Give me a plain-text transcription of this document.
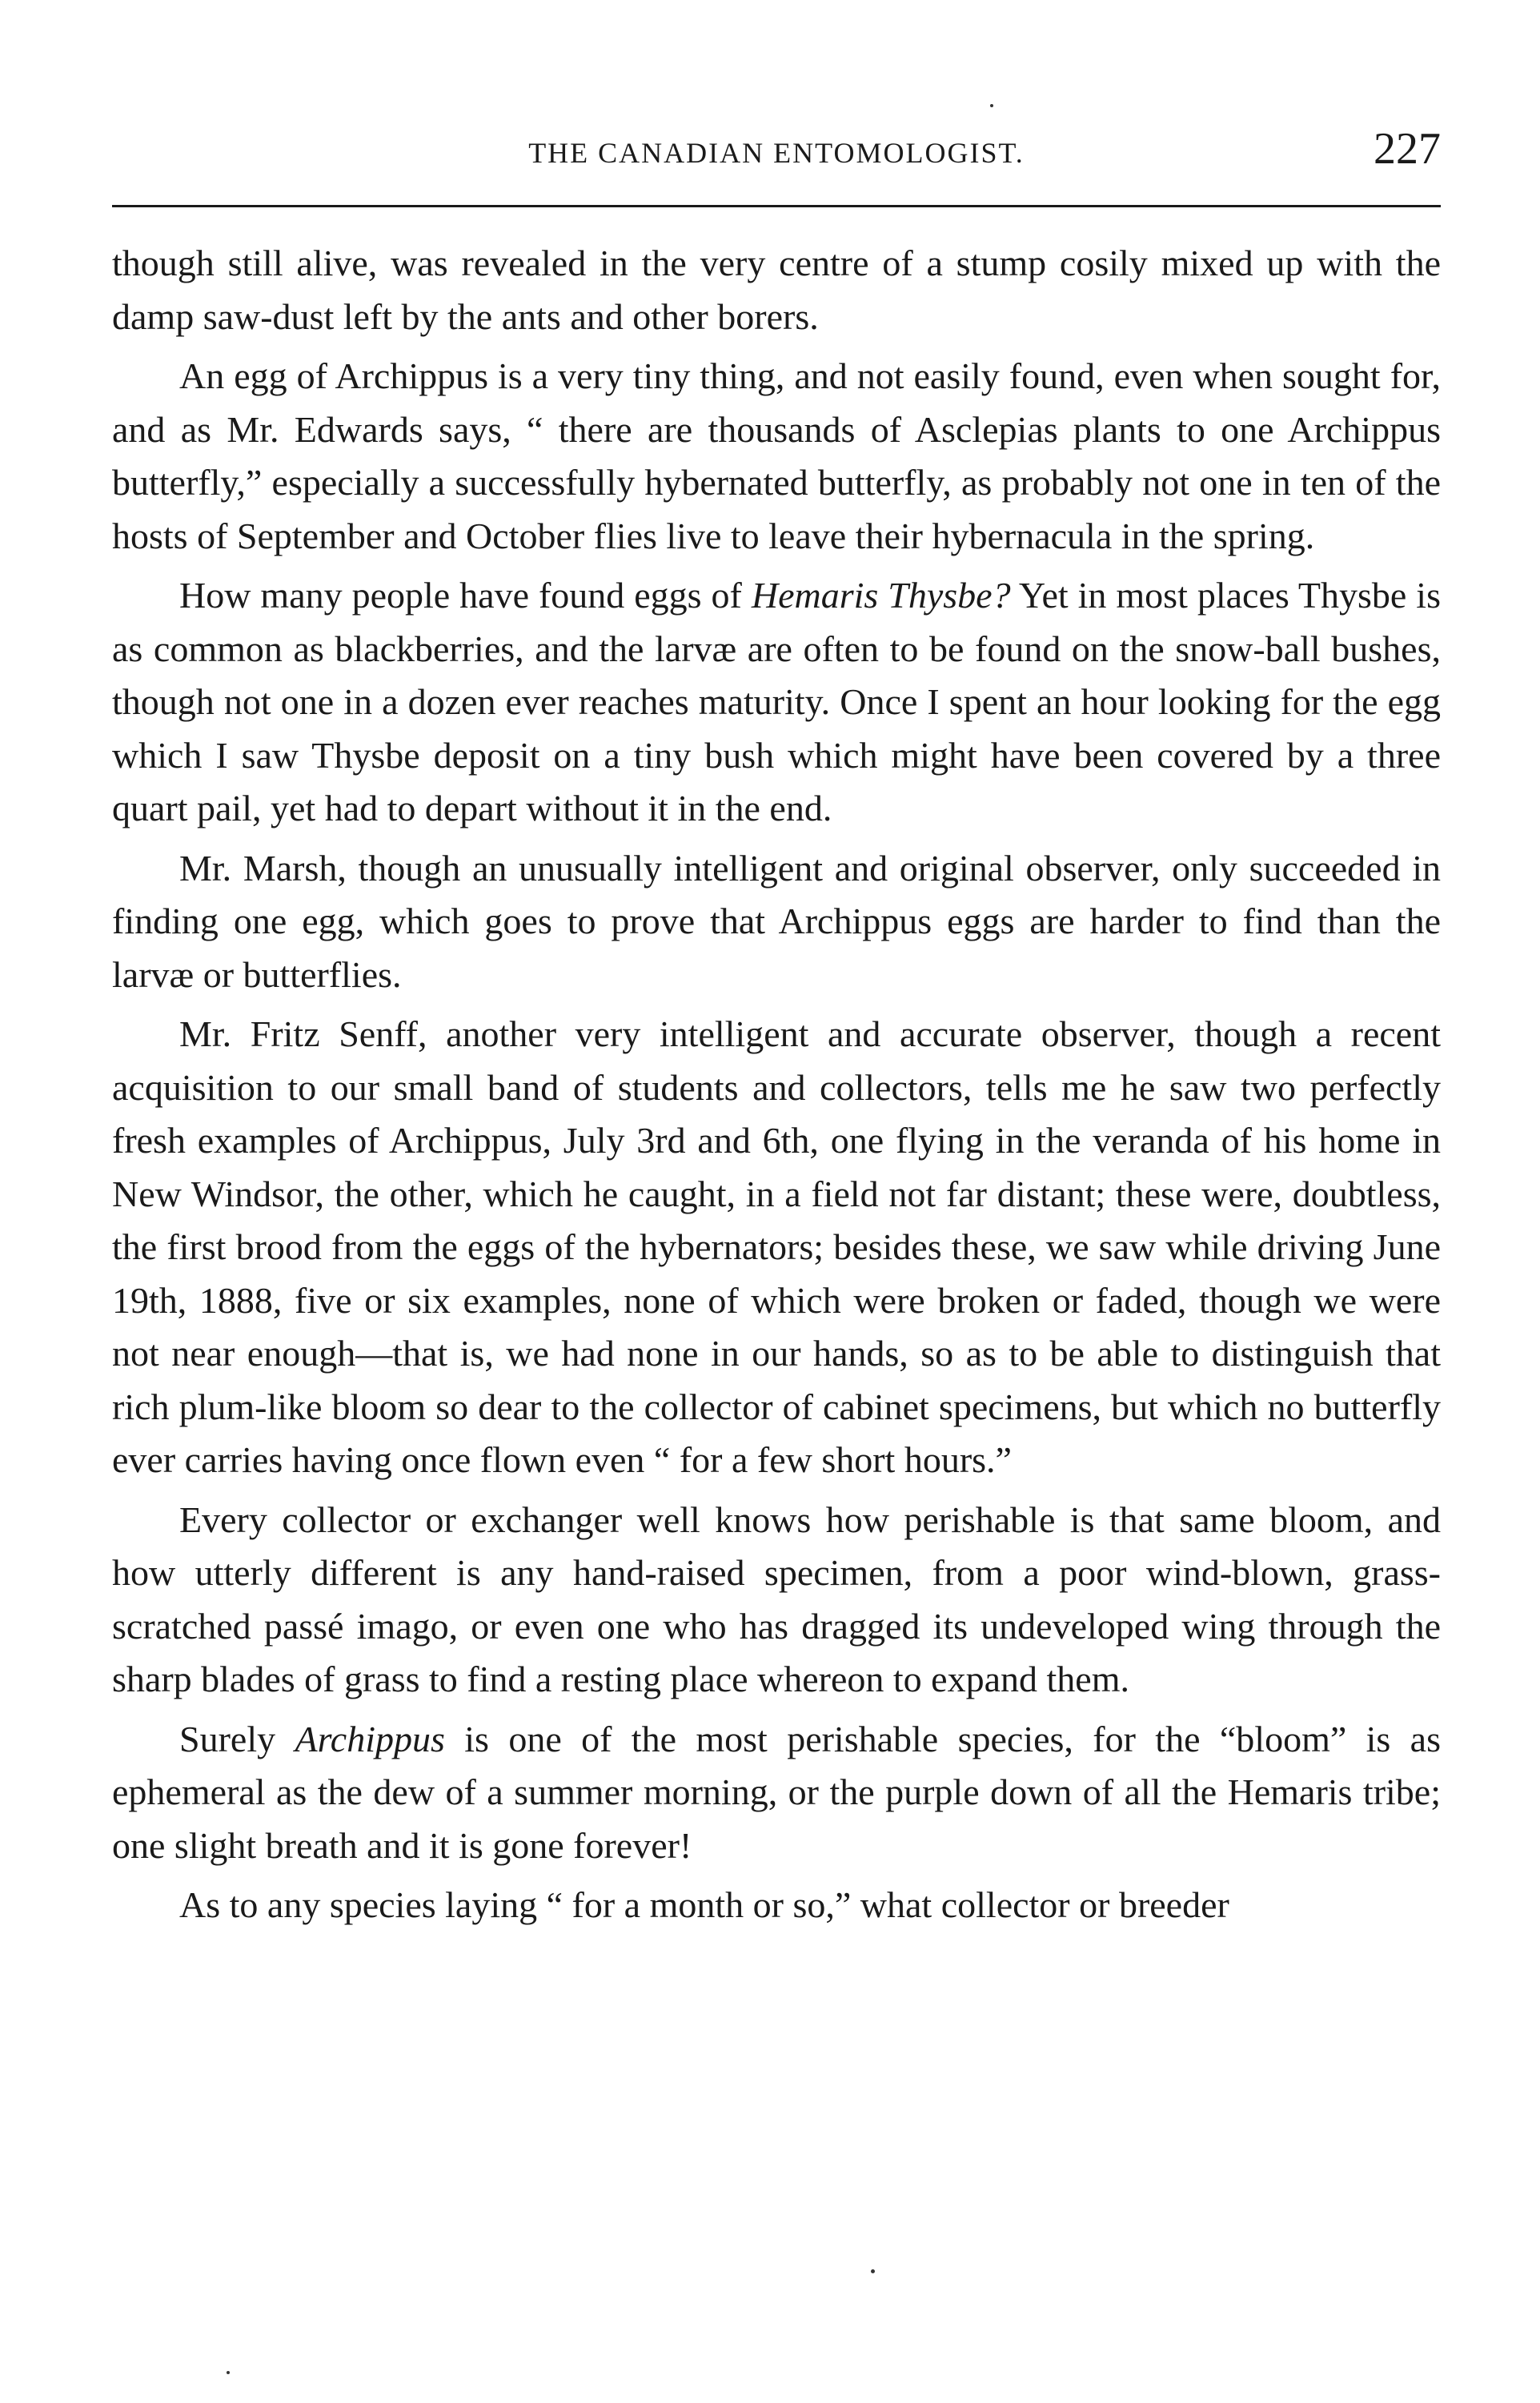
THE CANADIAN ENTOMOLOGIST.	227

though still alive, was revealed in the very centre of a stump cosily mixed up with the damp saw-dust left by the ants and other borers.

An egg of Archippus is a very tiny thing, and not easily found, even when sought for, and as Mr. Edwards says, “ there are thousands of Asclepias plants to one Archippus butterfly,” especially a successfully hybernated butterfly, as probably not one in ten of the hosts of September and October flies live to leave their hybernacula in the spring.

How many people have found eggs of Hemaris Thysbe? Yet in most places Thysbe is as common as blackberries, and the larvæ are often to be found on the snow-ball bushes, though not one in a dozen ever reaches maturity. Once I spent an hour looking for the egg which I saw Thysbe deposit on a tiny bush which might have been covered by a three quart pail, yet had to depart without it in the end.

Mr. Marsh, though an unusually intelligent and original observer, only succeeded in finding one egg, which goes to prove that Archippus eggs are harder to find than the larvæ or butterflies.

Mr. Fritz Senff, another very intelligent and accurate observer, though a recent acquisition to our small band of students and collectors, tells me he saw two perfectly fresh examples of Archippus, July 3rd and 6th, one flying in the veranda of his home in New Windsor, the other, which he caught, in a field not far distant; these were, doubtless, the first brood from the eggs of the hybernators; besides these, we saw while driving June 19th, 1888, five or six examples, none of which were broken or faded, though we were not near enough—that is, we had none in our hands, so as to be able to distinguish that rich plum-like bloom so dear to the collector of cabinet specimens, but which no butterfly ever carries having once flown even “ for a few short hours.”

Every collector or exchanger well knows how perishable is that same bloom, and how utterly different is any hand-raised specimen, from a poor wind-blown, grass-scratched passé imago, or even one who has dragged its undeveloped wing through the sharp blades of grass to find a resting place whereon to expand them.

Surely Archippus is one of the most perishable species, for the “bloom” is as ephemeral as the dew of a summer morning, or the purple down of all the Hemaris tribe; one slight breath and it is gone forever!

As to any species laying “ for a month or so,” what collector or breeder
